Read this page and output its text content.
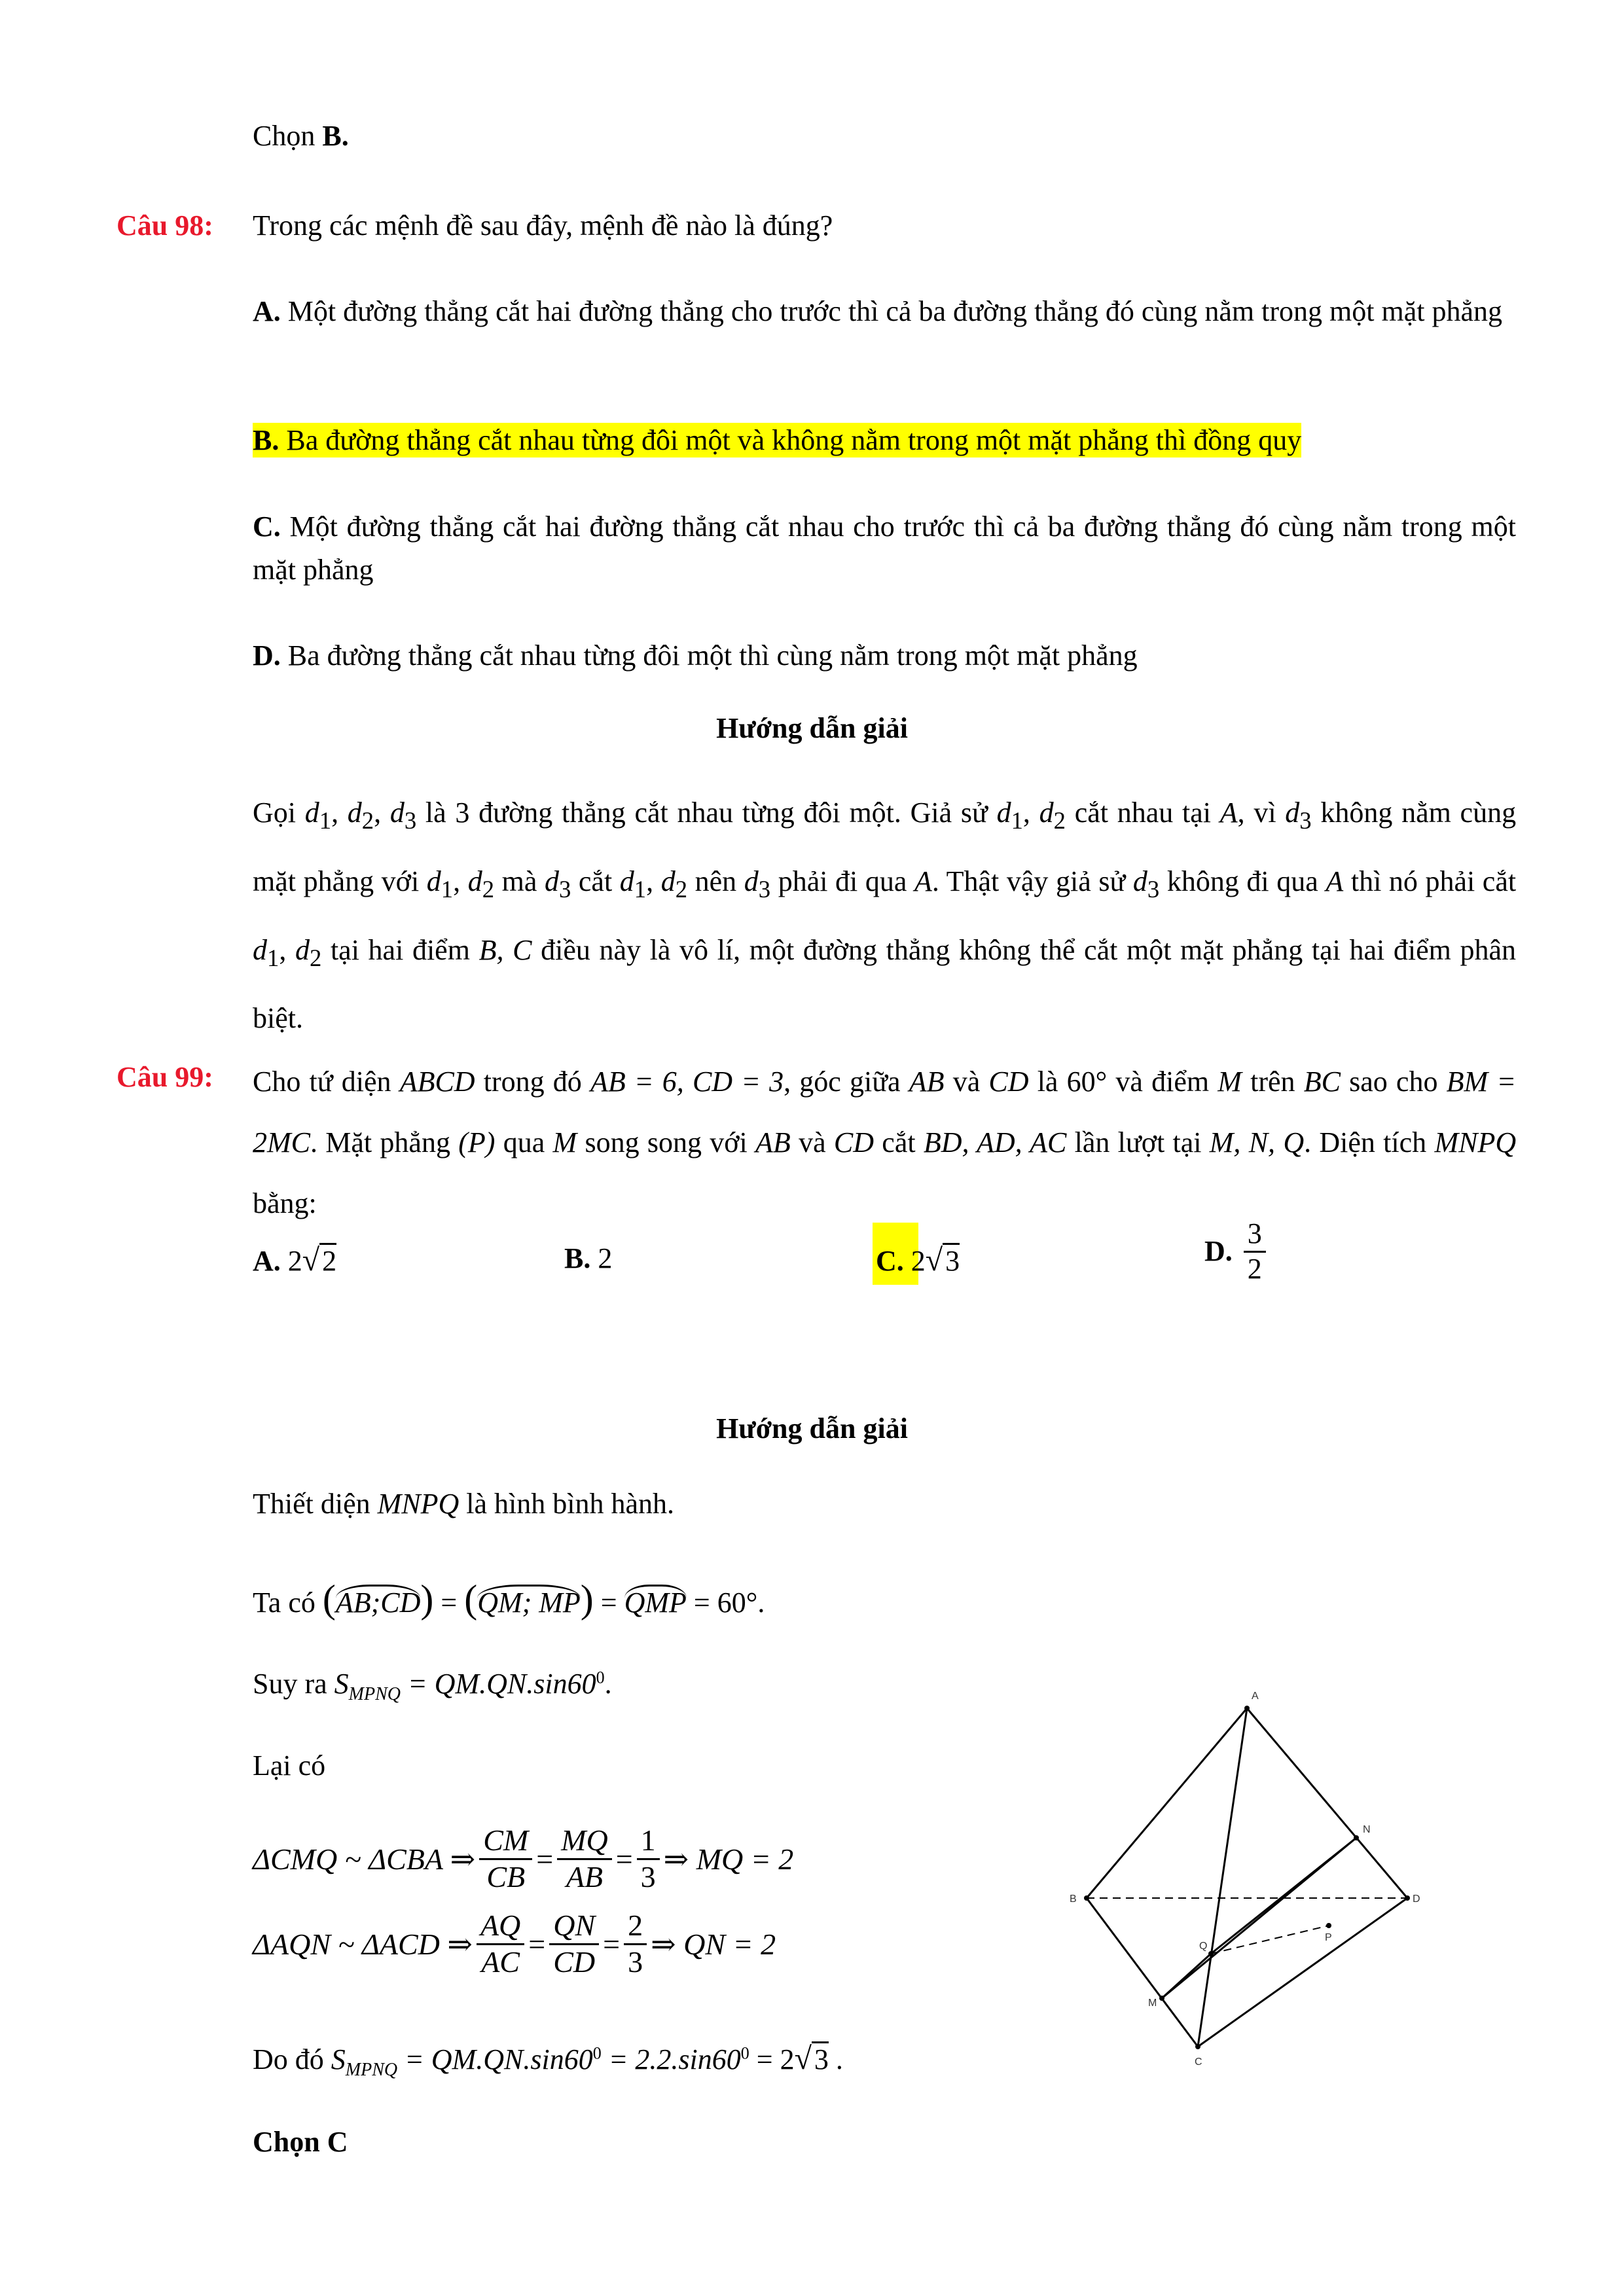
Chọn B.
Câu 98: Trong các mệnh đề sau đây, mệnh đề nào là đúng?
A. Một đường thẳng cắt hai đường thẳng cho trước thì cả ba đường thẳng đó cùng nằm trong một mặt phẳng
B. Ba đường thẳng cắt nhau từng đôi một và không nằm trong một mặt phẳng thì đồng quy
C. Một đường thẳng cắt hai đường thẳng cắt nhau cho trước thì cả ba đường thẳng đó cùng nằm trong một mặt phẳng
D. Ba đường thẳng cắt nhau từng đôi một thì cùng nằm trong một mặt phẳng
Hướng dẫn giải
Gọi $d_1$, $d_2$, $d_3$ là 3 đường thẳng cắt nhau từng đôi một. Giả sử $d_1$, $d_2$ cắt nhau tại A, vì $d_3$ không nằm cùng mặt phẳng với $d_1$, $d_2$ mà $d_3$ cắt $d_1$, $d_2$ nên $d_3$ phải đi qua A. Thật vậy giả sử $d_3$ không đi qua A thì nó phải cắt $d_1$, $d_2$ tại hai điểm B, C điều này là vô lí, một đường thẳng không thể cắt một mặt phẳng tại hai điểm phân biệt.
Câu 99: Cho tứ diện ABCD trong đó AB = 6, CD = 3, góc giữa AB và CD là 60° và điểm M trên BC sao cho BM = 2MC. Mặt phẳng (P) qua M song song với AB và CD cắt BD, AD, AC lần lượt tại M, N, Q. Diện tích MNPQ bằng:
A. 2√2	B. 2	C. 2√3	D. $\frac{3}{2}$
Hướng dẫn giải
Thiết diện MNPQ là hình bình hành.
Ta có (AB;CD) = (QM; MP) = QMP = 60°.
Suy ra $S_{MPNQ} = QM.QN.\sin 60^0$.
Lại có
ΔCMQ ~ ΔCBA ⇒ $\frac{CM}{CB} = \frac{MQ}{AB} = \frac{1}{3}$ ⇒ MQ = 2
ΔAQN ~ ΔACD ⇒ $\frac{AQ}{AC} = \frac{QN}{CD} = \frac{2}{3}$ ⇒ QN = 2
Do đó $S_{MPNQ} = QM.QN.\sin 60^0 = 2.2.\sin 60^0 = 2√3$ .
Chọn C
A
B
C
D
M
N
P
Q
